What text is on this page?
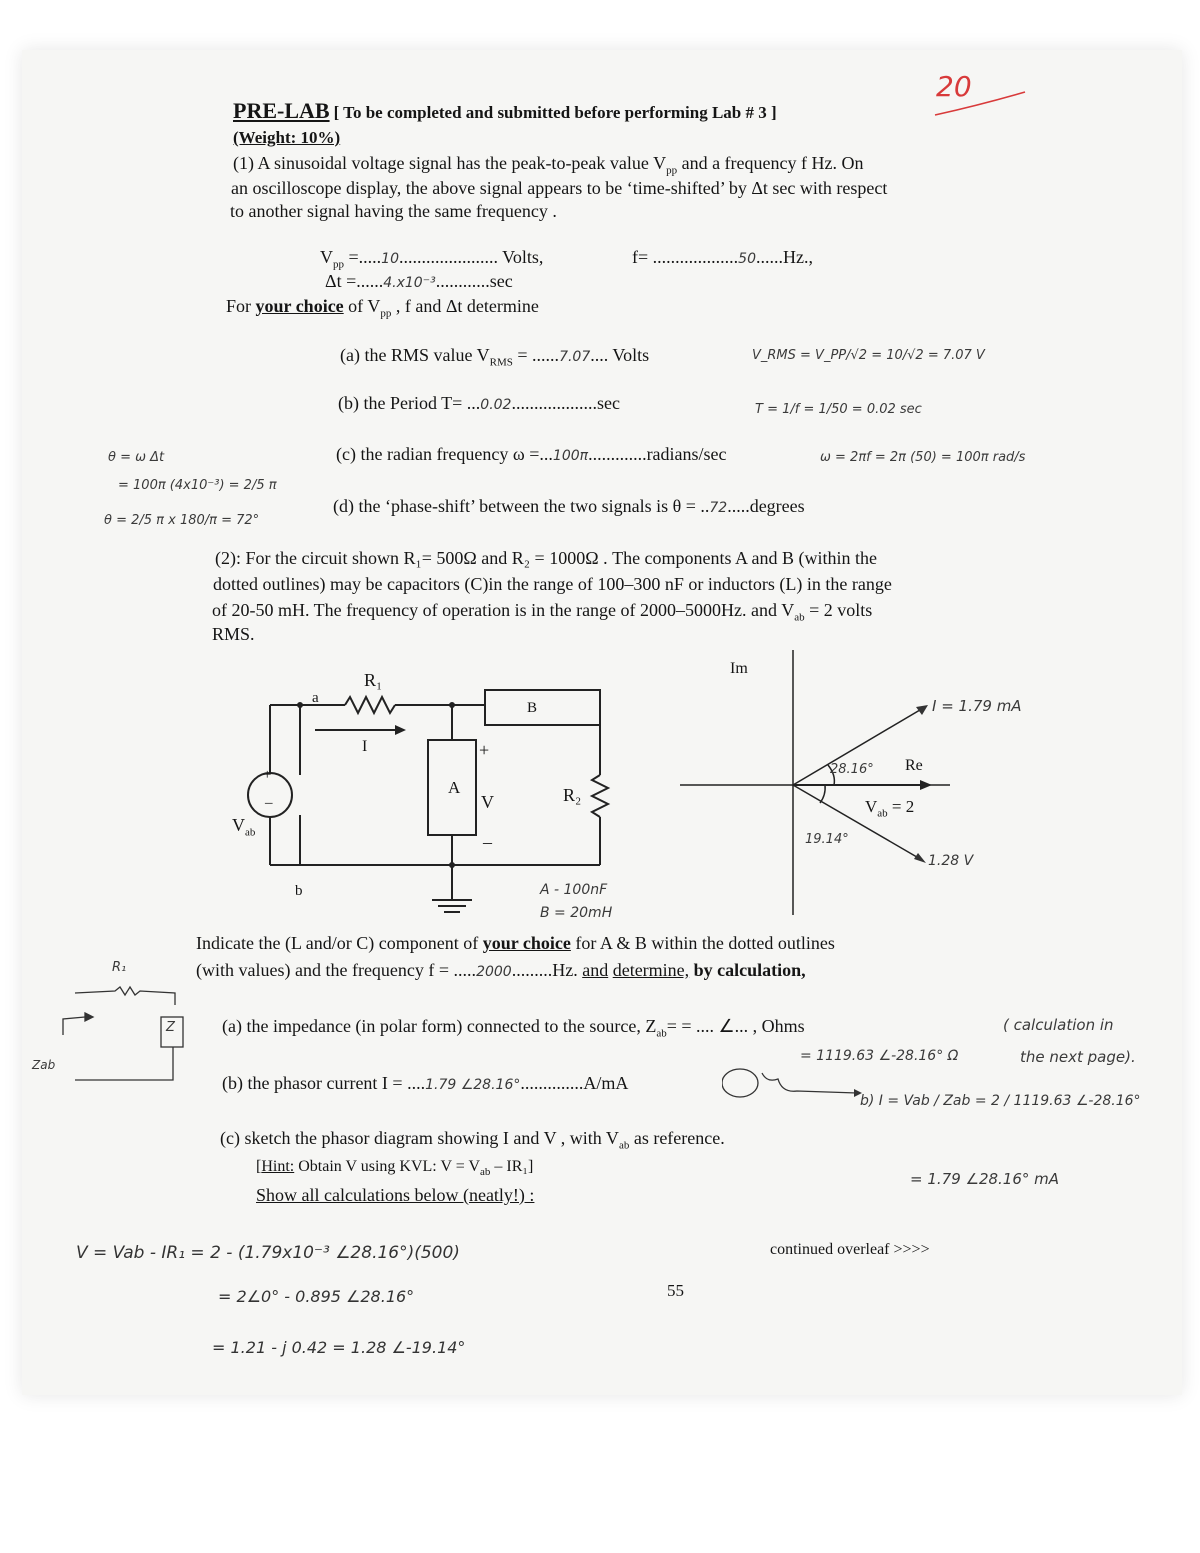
20
PRE-LAB [ To be completed and submitted before performing Lab # 3 ]
(Weight: 10%)
(1) A sinusoidal voltage signal has the peak-to-peak value $V_{pp}$ and a frequency f Hz. On
an oscilloscope display, the above signal appears to be ‘time-shifted’ by Δt sec with respect
to another signal having the same frequency .
$V_{pp} =.....10$...................... Volts,	f= ...................50......Hz.,
Δt =......4.x10⁻³............sec
For your choice of $V_{pp}$ , f and Δt determine
(a) the RMS value $V_{RMS} = ......7.07$.... Volts
(b) the Period T= ...0.02...................sec
(c) the radian frequency ω =...100π.............radians/sec
(d) the ‘phase-shift’ between the two signals is θ = ..72.....degrees
V_RMS = V_PP/√2 = 10/√2 = 7.07 V
T = 1/f = 1/50 = 0.02 sec
ω = 2πf = 2π (50) = 100π rad/s
θ = ω Δt
= 100π (4x10⁻³) = 2/5 π
θ = 2/5 π x 180/π = 72°
(2): For the circuit shown R₁= 500Ω and R₂ = 1000Ω . The components A and B (within the
dotted outlines) may be capacitors (C)in the range of 100–300 nF or inductors (L) in the range
of 20-50 mH. The frequency of operation is in the range of 2000–5000Hz. and $V_{ab} = 2$ volts
RMS.
R₁
a
I
B
A
+
V
–
R₂
+
–
$V_{ab}$
b	A - 100nF
B = 20mH
Im
Re
I = 1.79 mA
28.16°
19.14°
$V_{ab} = 2$
1.28 V
Indicate the (L and/or C) component of your choice for A & B within the dotted outlines
(with values) and the frequency f = .....2000.........Hz. and determine, by calculation,
R₁
Z
Zab
(a) the impedance (in polar form) connected to the source, $Z_{ab}=$ = .... ∠... , Ohms
= 1119.63 ∠-28.16° Ω
( calculation in
the next page).
(b) the phasor current I = ....1.79 ∠28.16°..............A/mA
b) I = Vab / Zab = 2 / 1119.63 ∠-28.16°
= 1.79 ∠28.16° mA
(c) sketch the phasor diagram showing I and V , with $V_{ab}$ as reference.
[Hint: Obtain V using KVL: $V = V_{ab} - IR_1$]
Show all calculations below (neatly!) :
V = Vab - IR₁ = 2 - (1.79x10⁻³ ∠28.16°)(500)
= 2∠0° - 0.895 ∠28.16°
= 1.21 - j 0.42 = 1.28 ∠-19.14°
continued overleaf >>>>
55
